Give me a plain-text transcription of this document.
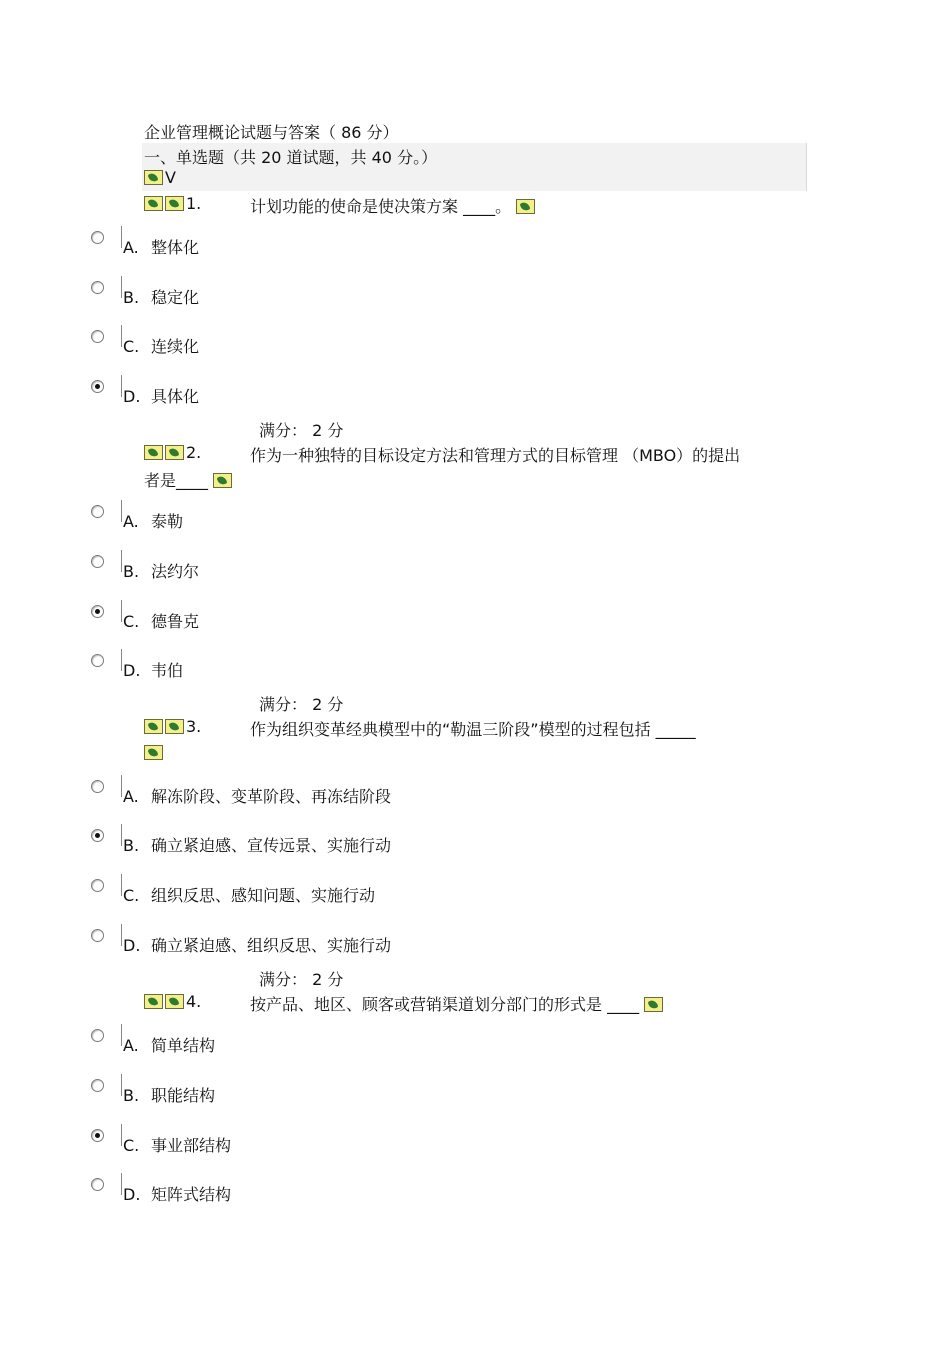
企业管理概论试题与答案（ 86 分）
一、单选题（共 20 道试题，共 40 分。）
V
1.	计划功能的使命是使决策方案 ____。
A. 整体化
B. 稳定化
C. 连续化
D. 具体化
满分： 2 分
2.	作为一种独特的目标设定方法和管理方式的目标管理 （MBO）的提出
者是____
A. 泰勒
B. 法约尔
C. 德鲁克
D. 韦伯
满分： 2 分
3.	作为组织变革经典模型中的“勒温三阶段”模型的过程包括 _____
A. 解冻阶段、变革阶段、再冻结阶段
B. 确立紧迫感、宣传远景、实施行动
C. 组织反思、感知问题、实施行动
D. 确立紧迫感、组织反思、实施行动
满分： 2 分
4.	按产品、地区、顾客或营销渠道划分部门的形式是 ____
A. 简单结构
B. 职能结构
C. 事业部结构
D. 矩阵式结构
